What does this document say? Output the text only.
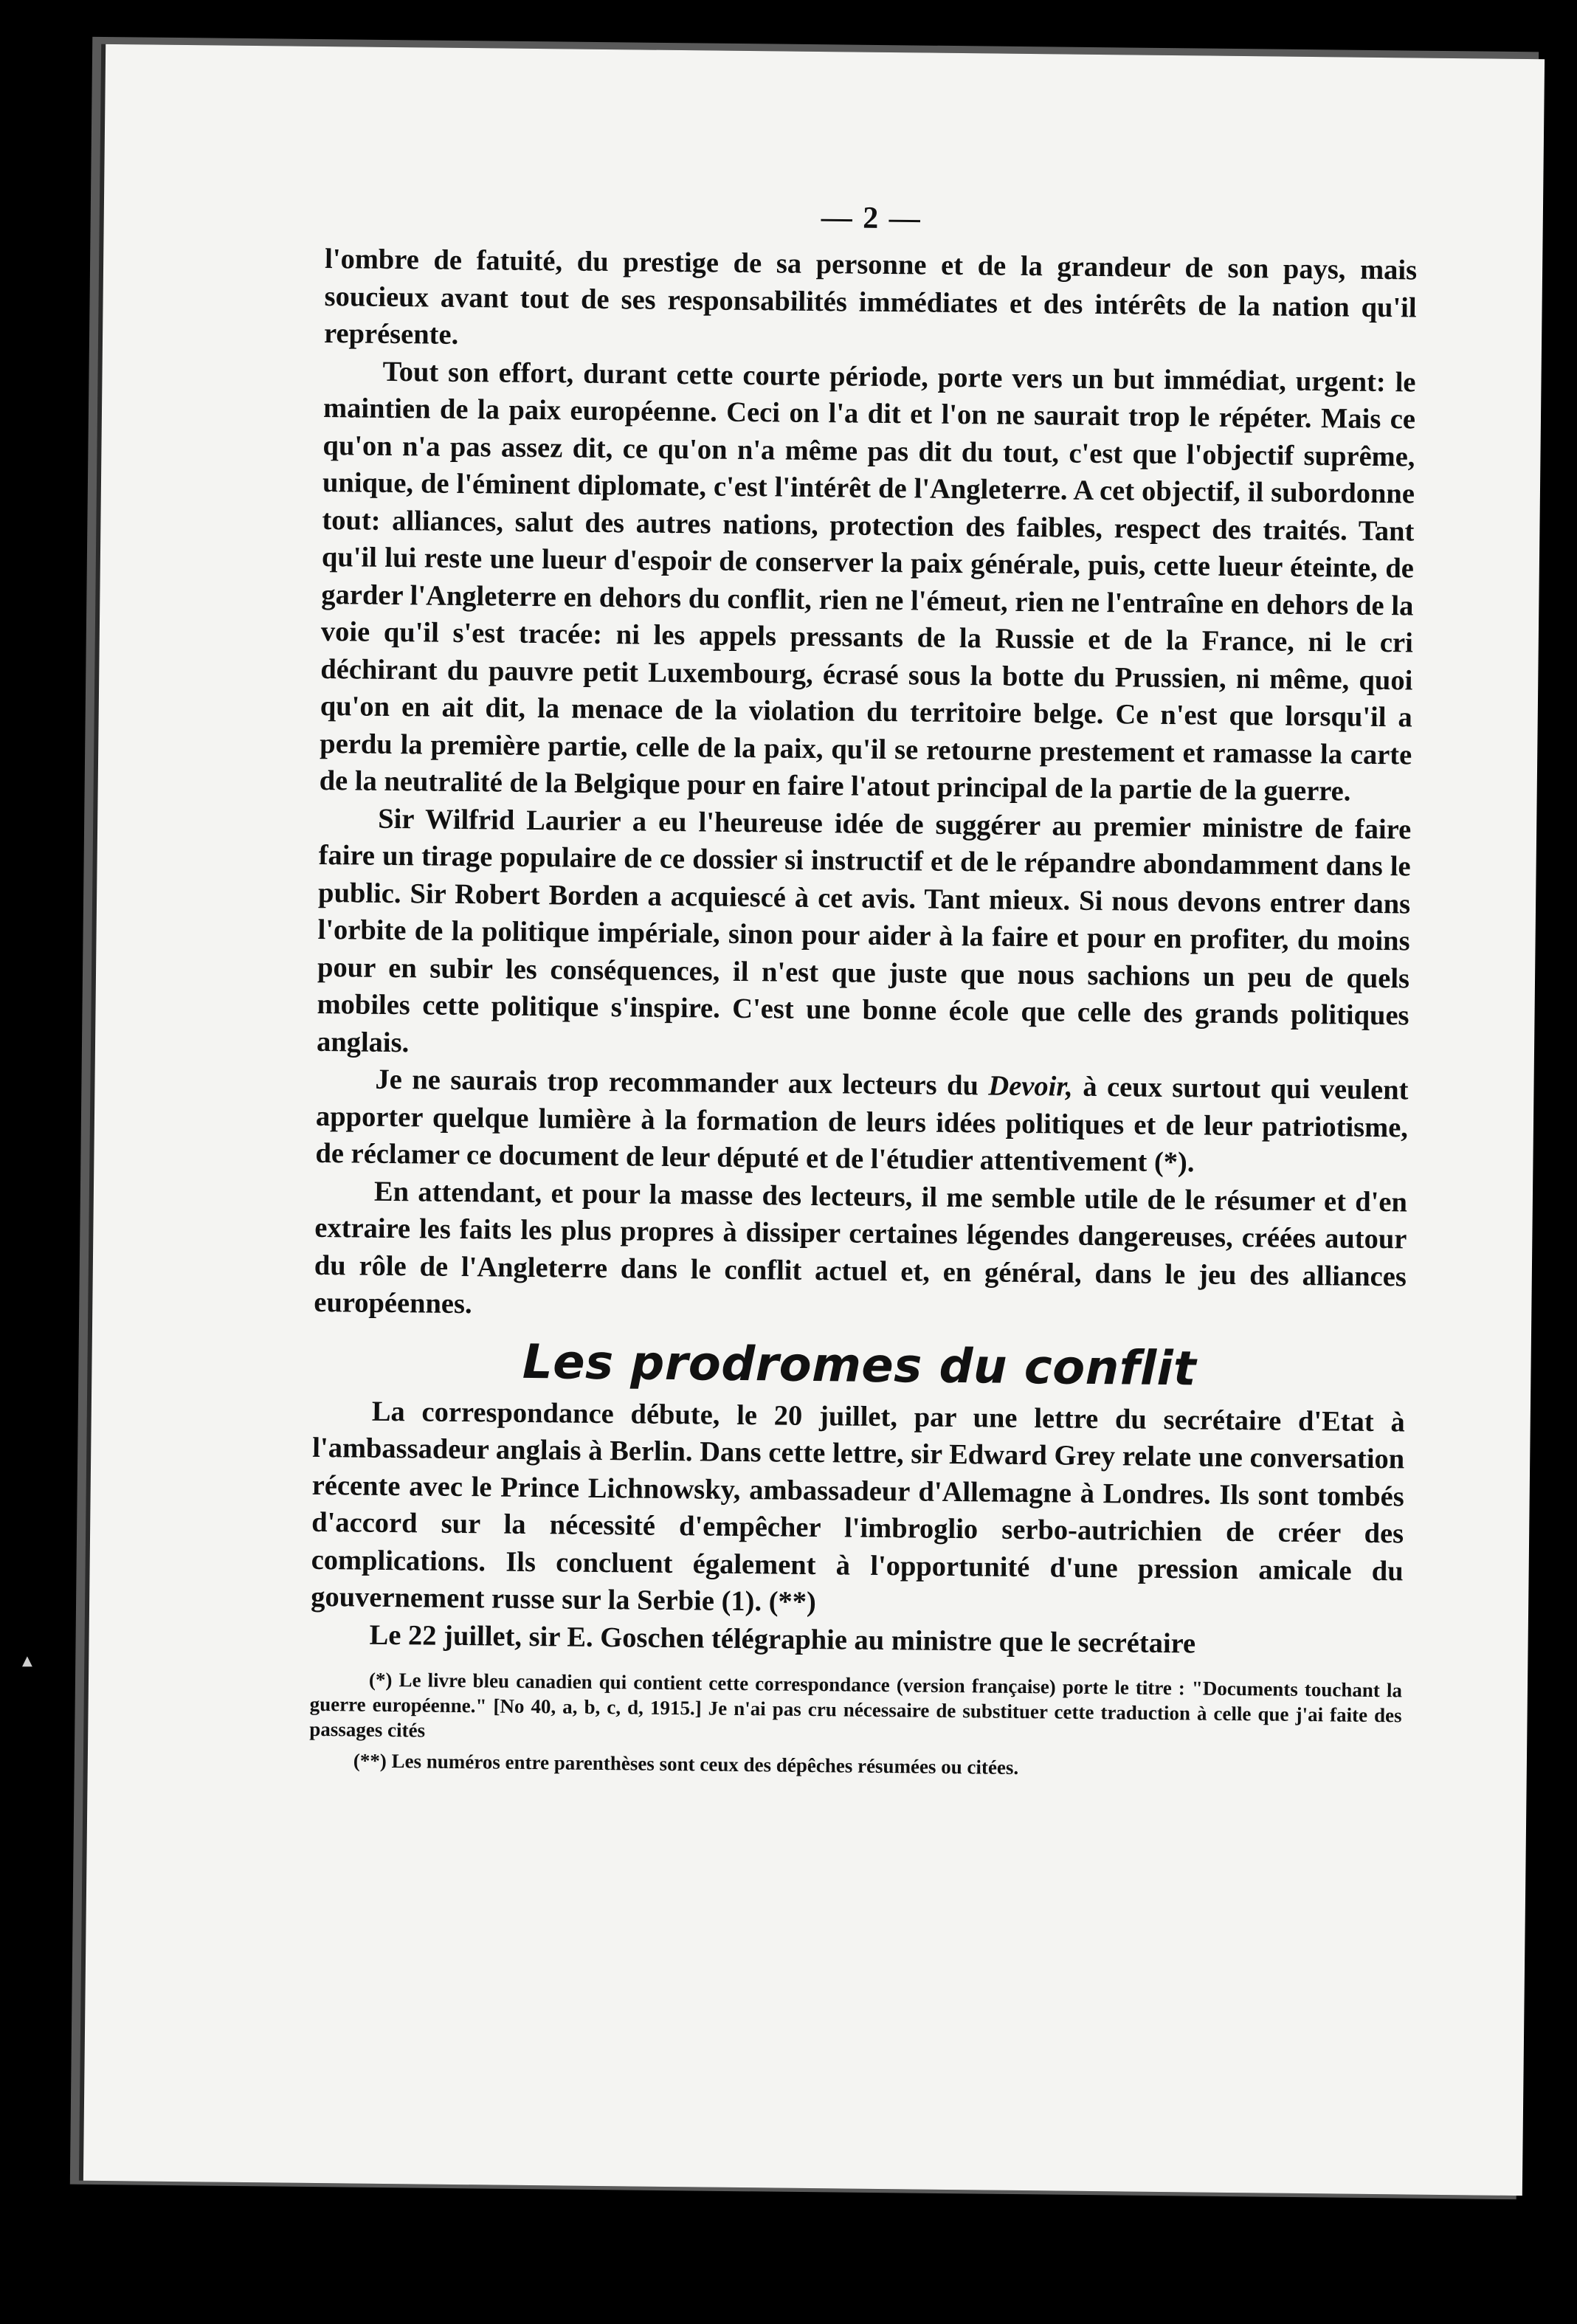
▲
— 2 —

l'ombre de fatuité, du prestige de sa personne et de la grandeur de son pays, mais soucieux avant tout de ses responsabilités immédiates et des intérêts de la nation qu'il représente.

Tout son effort, durant cette courte période, porte vers un but immédiat, urgent: le maintien de la paix européenne. Ceci on l'a dit et l'on ne saurait trop le répéter. Mais ce qu'on n'a pas assez dit, ce qu'on n'a même pas dit du tout, c'est que l'objectif suprême, unique, de l'éminent diplomate, c'est l'intérêt de l'Angleterre. A cet objectif, il subordonne tout: alliances, salut des autres nations, protection des faibles, respect des traités. Tant qu'il lui reste une lueur d'espoir de conserver la paix générale, puis, cette lueur éteinte, de garder l'Angleterre en dehors du conflit, rien ne l'émeut, rien ne l'entraîne en dehors de la voie qu'il s'est tracée: ni les appels pressants de la Russie et de la France, ni le cri déchirant du pauvre petit Luxembourg, écrasé sous la botte du Prussien, ni même, quoi qu'on en ait dit, la menace de la violation du territoire belge. Ce n'est que lorsqu'il a perdu la première partie, celle de la paix, qu'il se retourne prestement et ramasse la carte de la neutralité de la Belgique pour en faire l'atout principal de la partie de la guerre.

Sir Wilfrid Laurier a eu l'heureuse idée de suggérer au premier ministre de faire faire un tirage populaire de ce dossier si instructif et de le répandre abondamment dans le public. Sir Robert Borden a acquiescé à cet avis. Tant mieux. Si nous devons entrer dans l'orbite de la politique impériale, sinon pour aider à la faire et pour en profiter, du moins pour en subir les conséquences, il n'est que juste que nous sachions un peu de quels mobiles cette politique s'inspire. C'est une bonne école que celle des grands politiques anglais.

Je ne saurais trop recommander aux lecteurs du Devoir, à ceux surtout qui veulent apporter quelque lumière à la formation de leurs idées politiques et de leur patriotisme, de réclamer ce document de leur député et de l'étudier attentivement (*).

En attendant, et pour la masse des lecteurs, il me semble utile de le résumer et d'en extraire les faits les plus propres à dissiper certaines légendes dangereuses, créées autour du rôle de l'Angleterre dans le conflit actuel et, en général, dans le jeu des alliances européennes.

Les prodromes du conflit

La correspondance débute, le 20 juillet, par une lettre du secrétaire d'Etat à l'ambassadeur anglais à Berlin. Dans cette lettre, sir Edward Grey relate une conversation récente avec le Prince Lichnowsky, ambassadeur d'Allemagne à Londres. Ils sont tombés d'accord sur la nécessité d'empêcher l'imbroglio serbo-autrichien de créer des complications. Ils concluent également à l'opportunité d'une pression amicale du gouvernement russe sur la Serbie (1). (**)

Le 22 juillet, sir E. Goschen télégraphie au ministre que le secrétaire

(*) Le livre bleu canadien qui contient cette correspondance (version française) porte le titre : "Documents touchant la guerre européenne." [No 40, a, b, c, d, 1915.] Je n'ai pas cru nécessaire de substituer cette traduction à celle que j'ai faite des passages cités

(**) Les numéros entre parenthèses sont ceux des dépêches résumées ou citées.
